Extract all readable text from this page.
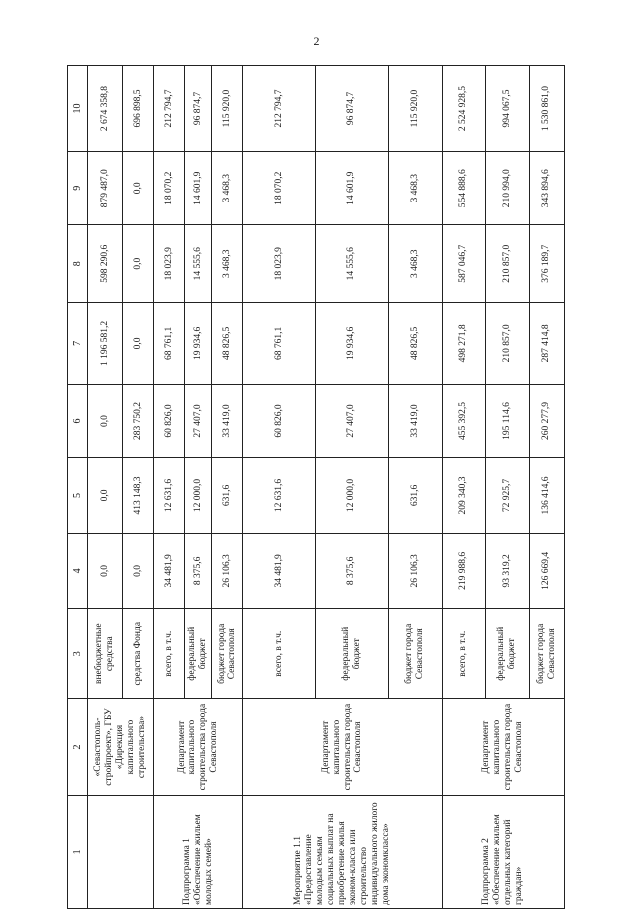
2
1	2	3	4	5	6	7	8	9	10
	«Севастополь-стройпроект», ГБУ «Дирекция капитального строительства»	внебюджетные средства	0,0	0,0	0,0	1 196 581,2	598 290,6	879 487,0	2 674 358,8
		средства Фонда	0,0	413 148,3	283 750,2	0,0	0,0	0,0	696 898,5
Подпрограмма 1 «Обеспечение жильем молодых семей»	Департамент капитального строительства города Севастополя	всего, в т.ч.	34 481,9	12 631,6	60 826,0	68 761,1	18 023,9	18 070,2	212 794,7
		федеральный бюджет	8 375,6	12 000,0	27 407,0	19 934,6	14 555,6	14 601,9	96 874,7
		бюджет города Севастополя	26 106,3	631,6	33 419,0	48 826,5	3 468,3	3 468,3	115 920,0
Мероприятие 1.1 «Предоставление молодым семьям социальных выплат на приобретение жилья эконом-класса или строительство индивидуального жилого дома экономкласса»	Департамент капитального строительства города Севастополя	всего, в т.ч.	34 481,9	12 631,6	60 826,0	68 761,1	18 023,9	18 070,2	212 794,7
		федеральный бюджет	8 375,6	12 000,0	27 407,0	19 934,6	14 555,6	14 601,9	96 874,7
		бюджет города Севастополя	26 106,3	631,6	33 419,0	48 826,5	3 468,3	3 468,3	115 920,0
Подпрограмма 2 «Обеспечение жильем отдельных категорий граждан»	Департамент капитального строительства города Севастополя	всего, в т.ч.	219 988,6	209 340,3	455 392,5	498 271,8	587 046,7	554 888,6	2 524 928,5
		федеральный бюджет	93 319,2	72 925,7	195 114,6	210 857,0	210 857,0	210 994,0	994 067,5
		бюджет города Севастополя	126 669,4	136 414,6	260 277,9	287 414,8	376 189,7	343 894,6	1 530 861,0
